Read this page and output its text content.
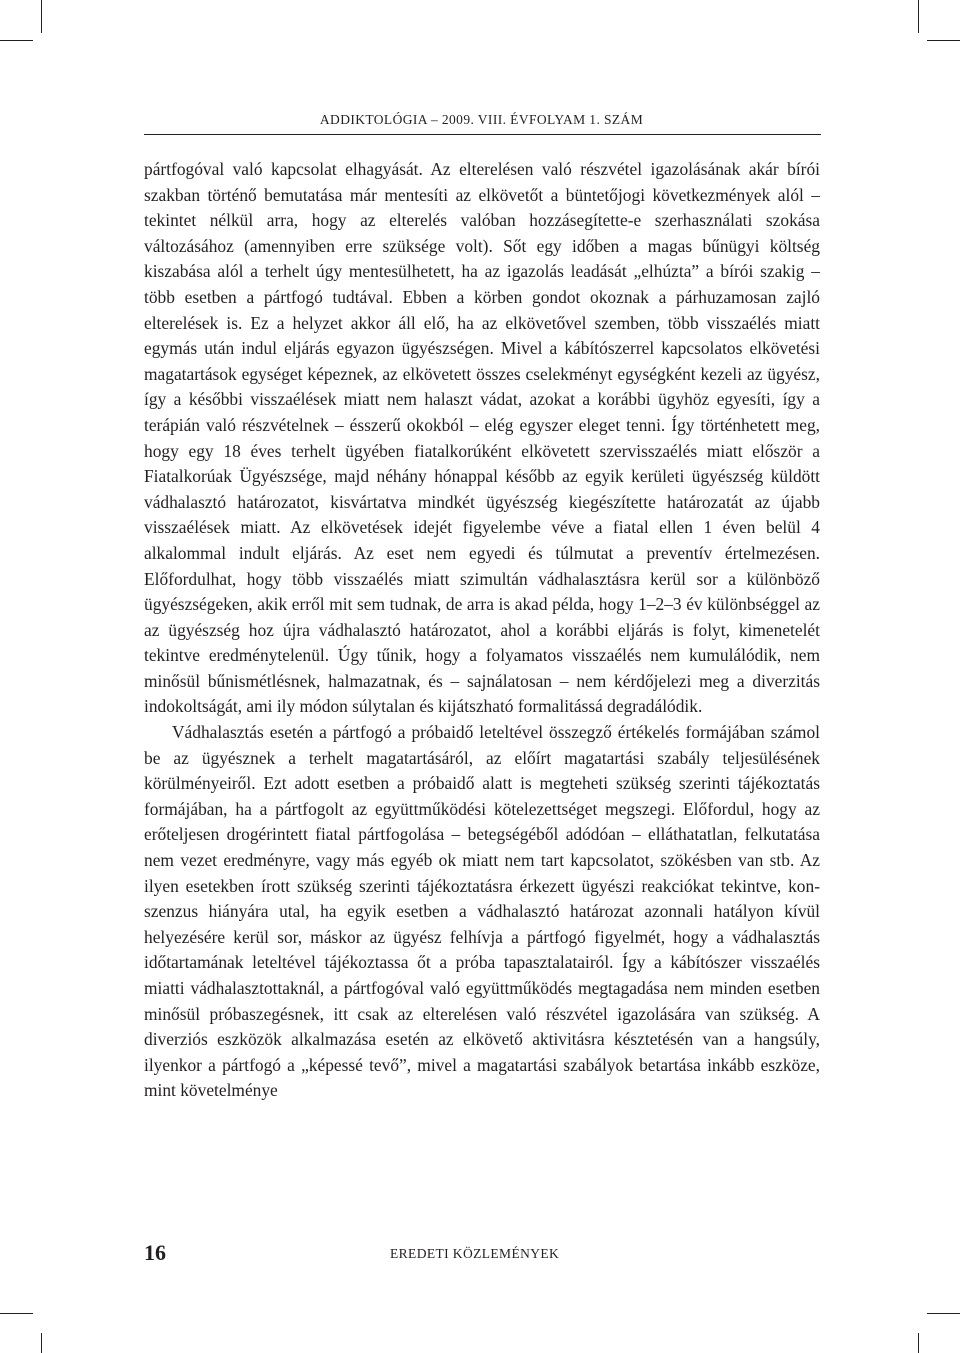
ADDIKTOLÓGIA – 2009. VIII. ÉVFOLYAM 1. SZÁM

pártfogóval való kapcsolat elhagyását. Az elterelésen való részvétel igazolásának akár bírói szakban történő bemutatása már mentesíti az elkövetőt a büntetőjogi következmények alól – tekintet nélkül arra, hogy az elterelés valóban hozzásegítette-e szerhasználati szokása változásához (amennyiben erre szüksége volt). Sőt egy időben a magas bűnügyi költség kiszabása alól a terhelt úgy mentesülhetett, ha az igazolás leadását „elhúzta” a bírói szakig – több esetben a pártfogó tudtával. Ebben a körben gondot okoznak a párhuzamosan zajló elterelések is. Ez a helyzet akkor áll elő, ha az elkövetővel szemben, több visszaélés miatt egymás után indul eljárás egyazon ügyészségen. Mivel a kábítószerrel kapcsolatos elkövetési magatartások egységet képeznek, az elkövetett összes cselekményt egységként kezeli az ügyész, így a későbbi visszaélések miatt nem halaszt vádat, azokat a korábbi ügyhöz egyesíti, így a terápián való részvételnek – ésszerű okokból – elég egyszer eleget tenni. Így történhetett meg, hogy egy 18 éves terhelt ügyében fiatalkorúként elkövetett szervisszaélés miatt először a Fiatalkorúak Ügyészsége, majd néhány hónappal később az egyik kerületi ügyészség küldött vádhalasztó határozatot, kisvártatva mindkét ügyészség kiegészítette határozatát az újabb visszaélések miatt. Az elkövetések idejét figyelembe véve a fiatal ellen 1 éven belül 4 alkalommal indult eljárás. Az eset nem egyedi és túlmutat a preventív értelmezésen. Előfordulhat, hogy több visszaélés miatt szimultán vádhalasztásra kerül sor a különböző ügyészségeken, akik erről mit sem tudnak, de arra is akad példa, hogy 1–2–3 év különbséggel az az ügyészség hoz újra vádhalasztó határozatot, ahol a korábbi eljárás is folyt, kimenetelét tekintve eredménytelenül. Úgy tűnik, hogy a folyamatos visszaélés nem kumulálódik, nem minősül bűnismétlésnek, halmazatnak, és – sajnálatosan – nem kérdőjelezi meg a diverzitás indokoltságát, ami ily módon súlytalan és kijátszható formalitássá degradálódik.

Vádhalasztás esetén a pártfogó a próbaidő leteltével összegző értékelés formájában számol be az ügyésznek a terhelt magatartásáról, az előírt magatartási szabály teljesülésének körülményeiről. Ezt adott esetben a próbaidő alatt is megteheti szükség szerinti tájékoztatás formájában, ha a pártfogolt az együttműködési kötelezettséget megszegi. Előfordul, hogy az erőteljesen drogérintett fiatal pártfogolása – betegségéből adódóan – elláthatatlan, felkutatása nem vezet eredményre, vagy más egyéb ok miatt nem tart kapcsolatot, szökésben van stb. Az ilyen esetekben írott szükség szerinti tájékoztatásra érkezett ügyészi reakciókat tekintve, konszenzus hiányára utal, ha egyik esetben a vádhalasztó határozat azonnali hatályon kívül helyezésére kerül sor, máskor az ügyész felhívja a pártfogó figyelmét, hogy a vádhalasztás időtartamának leteltével tájékoztassa őt a próba tapasztalatairól. Így a kábítószer visszaélés miatti vádhalasztottaknál, a pártfogóval való együttműködés megtagadása nem minden esetben minősül próbaszegésnek, itt csak az elterelésen való részvétel igazolására van szükség. A diverziós eszközök alkalmazása esetén az elkövető aktivitásra késztetésén van a hangsúly, ilyenkor a pártfogó a „képessé tevő”, mivel a magatartási szabályok betartása inkább eszköze, mint követelménye

16	EREDETI KÖZLEMÉNYEK
